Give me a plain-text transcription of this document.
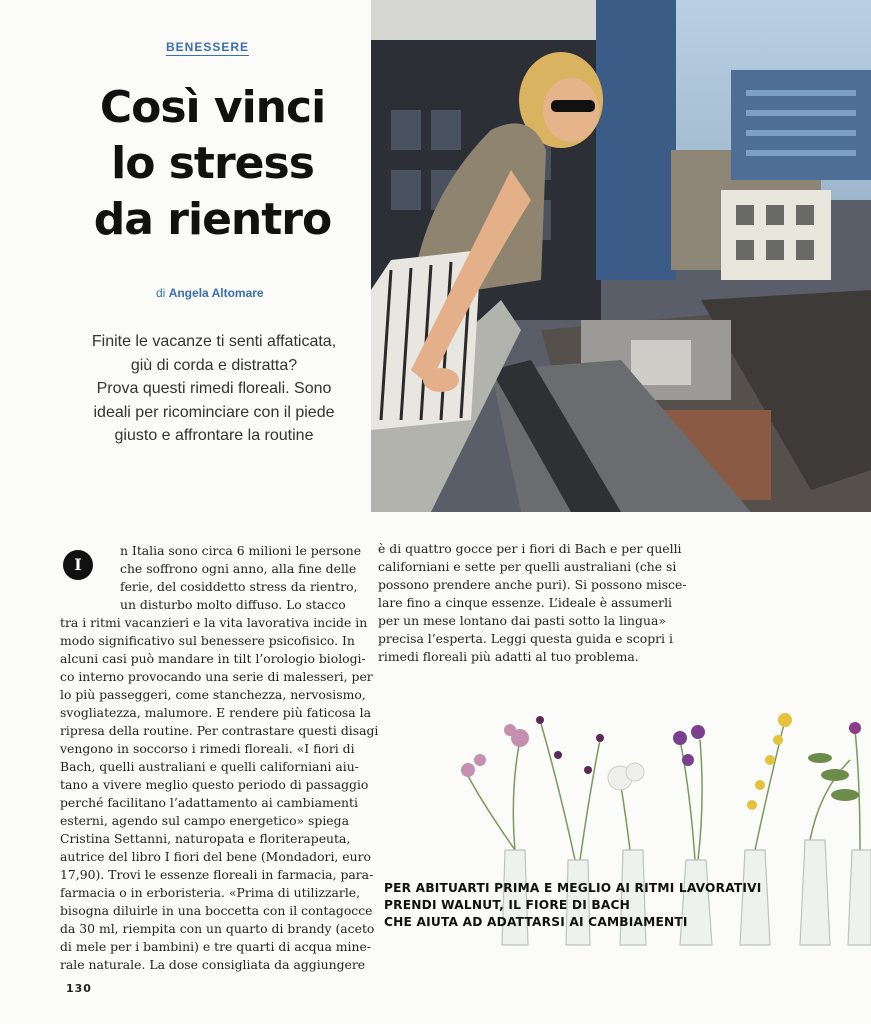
BENESSERE
Così vinci
lo stress
da rientro
di Angela Altomare
Finite le vacanze ti senti affaticata,
giù di corda e distratta?
Prova questi rimedi floreali. Sono
ideali per ricominciare con il piede
giusto e affrontare la routine
I
n Italia sono circa 6 milioni le persone
che soffrono ogni anno, alla fine delle
ferie, del cosiddetto stress da rientro,
un disturbo molto diffuso. Lo stacco
tra i ritmi vacanzieri e la vita lavorativa incide in
modo significativo sul benessere psicofisico. In
alcuni casi può mandare in tilt l’orologio biologi-
co interno provocando una serie di malesseri, per
lo più passeggeri, come stanchezza, nervosismo,
svogliatezza, malumore. E rendere più faticosa la
ripresa della routine. Per contrastare questi disagi
vengono in soccorso i rimedi floreali. «I fiori di
Bach, quelli australiani e quelli californiani aiu-
tano a vivere meglio questo periodo di passaggio
perché facilitano l’adattamento ai cambiamenti
esterni, agendo sul campo energetico» spiega
Cristina Settanni, naturopata e floriterapeuta,
autrice del libro I fiori del bene (Mondadori, euro
17,90). Trovi le essenze floreali in farmacia, para-
farmacia o in erboristeria. «Prima di utilizzarle,
bisogna diluirle in una boccetta con il contagocce
da 30 ml, riempita con un quarto di brandy (aceto
di mele per i bambini) e tre quarti di acqua mine-
rale naturale. La dose consigliata da aggiungere
è di quattro gocce per i fiori di Bach e per quelli
californiani e sette per quelli australiani (che si
possono prendere anche puri). Si possono misce-
lare fino a cinque essenze. L’ideale è assumerli
per un mese lontano dai pasti sotto la lingua»
precisa l’esperta. Leggi questa guida e scopri i
rimedi floreali più adatti al tuo problema.
PER ABITUARTI PRIMA E MEGLIO AI RITMI LAVORATIVI
PRENDI WALNUT, IL FIORE DI BACH
CHE AIUTA AD ADATTARSI AI CAMBIAMENTI
130
